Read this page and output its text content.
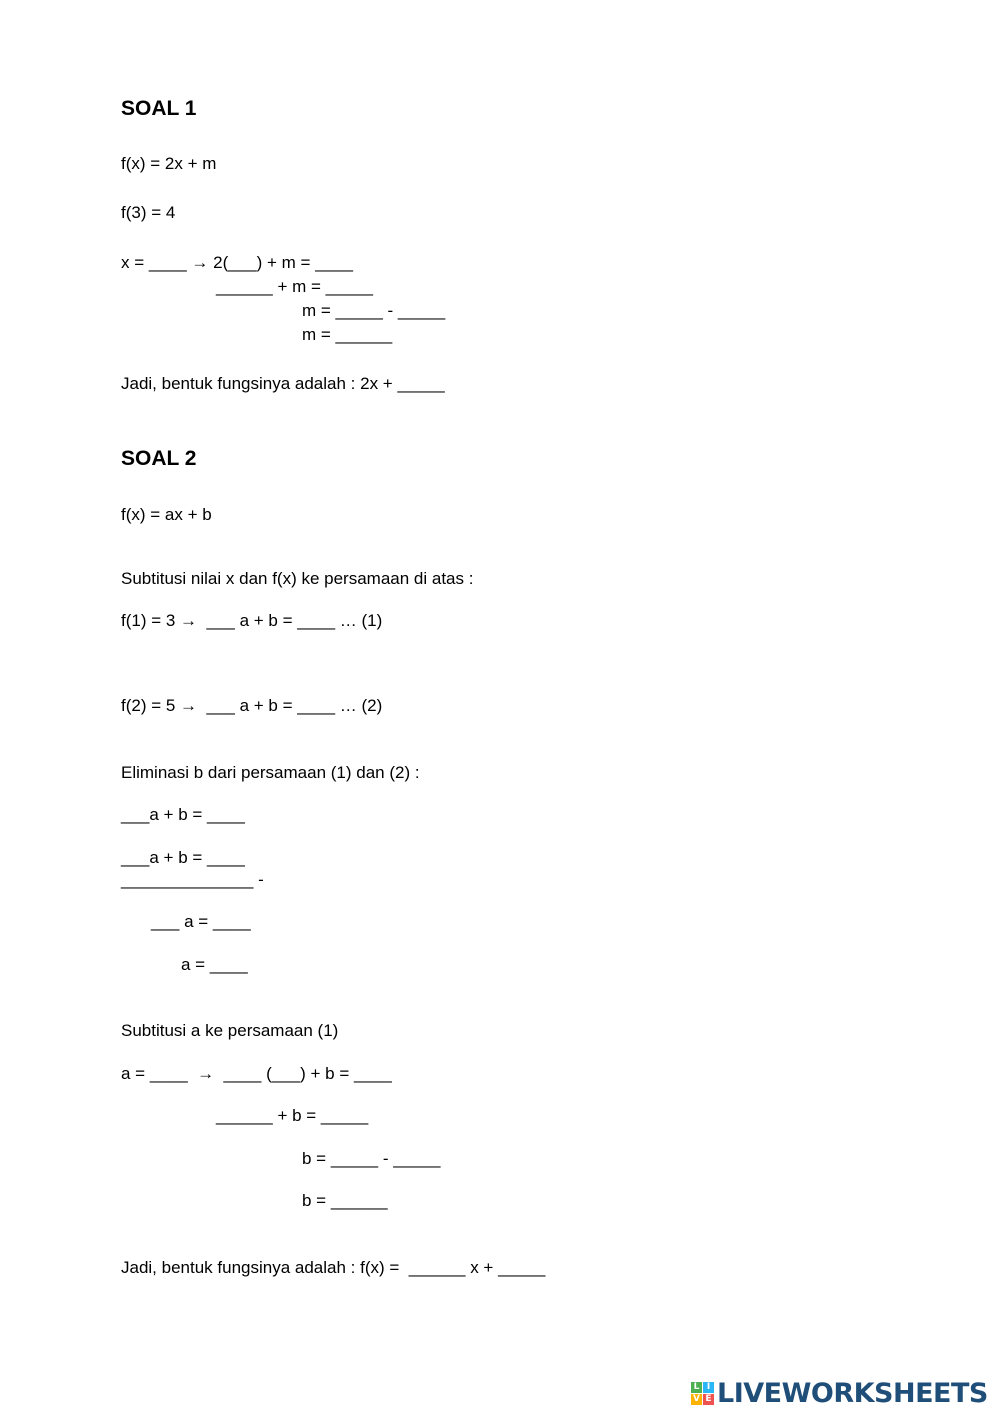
SOAL 1
f(x) = 2x + m
f(3) = 4
x = ____ → 2(___) + m = ____
______ + m = _____
m = _____ - _____
m = ______
Jadi, bentuk fungsinya adalah : 2x + _____
SOAL 2
f(x) = ax + b
Subtitusi nilai x dan f(x) ke persamaan di atas :
f(1) = 3 →  ___ a + b = ____ … (1)
f(2) = 5 →  ___ a + b = ____ … (2)
Eliminasi b dari persamaan (1) dan (2) :
___a + b = ____
___a + b = ____
______________ -
___ a = ____
a = ____
Subtitusi a ke persamaan (1)
a = ____  →  ____ (___) + b = ____
______ + b = _____
b = _____ - _____
b = ______
Jadi, bentuk fungsinya adalah : f(x) =  ______ x + _____
L I
V E LIVEWORKSHEETS
